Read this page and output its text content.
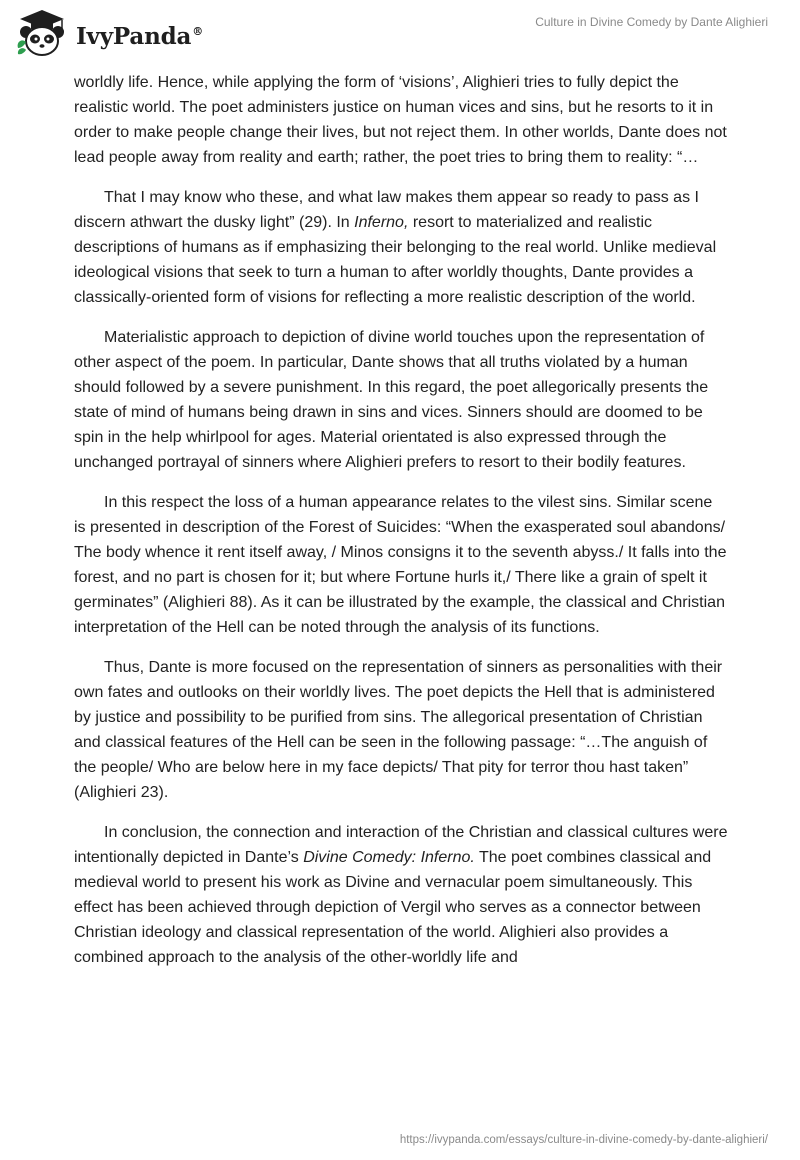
IvyPanda®
Culture in Divine Comedy by Dante Alighieri

worldly life. Hence, while applying the form of ‘visions’, Alighieri tries to fully depict the realistic world. The poet administers justice on human vices and sins, but he resorts to it in order to make people change their lives, but not reject them. In other worlds, Dante does not lead people away from reality and earth; rather, the poet tries to bring them to reality: “…

That I may know who these, and what law makes them appear so ready to pass as I discern athwart the dusky light” (29). In Inferno, resort to materialized and realistic descriptions of humans as if emphasizing their belonging to the real world. Unlike medieval ideological visions that seek to turn a human to after worldly thoughts, Dante provides a classically-oriented form of visions for reflecting a more realistic description of the world.

Materialistic approach to depiction of divine world touches upon the representation of other aspect of the poem. In particular, Dante shows that all truths violated by a human should followed by a severe punishment. In this regard, the poet allegorically presents the state of mind of humans being drawn in sins and vices. Sinners should are doomed to be spin in the help whirlpool for ages. Material orientated is also expressed through the unchanged portrayal of sinners where Alighieri prefers to resort to their bodily features.

In this respect the loss of a human appearance relates to the vilest sins. Similar scene is presented in description of the Forest of Suicides: “When the exasperated soul abandons/ The body whence it rent itself away, / Minos consigns it to the seventh abyss./ It falls into the forest, and no part is chosen for it; but where Fortune hurls it,/ There like a grain of spelt it germinates” (Alighieri 88). As it can be illustrated by the example, the classical and Christian interpretation of the Hell can be noted through the analysis of its functions.

Thus, Dante is more focused on the representation of sinners as personalities with their own fates and outlooks on their worldly lives. The poet depicts the Hell that is administered by justice and possibility to be purified from sins. The allegorical presentation of Christian and classical features of the Hell can be seen in the following passage: “…The anguish of the people/ Who are below here in my face depicts/ That pity for terror thou hast taken” (Alighieri 23).

In conclusion, the connection and interaction of the Christian and classical cultures were intentionally depicted in Dante’s Divine Comedy: Inferno. The poet combines classical and medieval world to present his work as Divine and vernacular poem simultaneously. This effect has been achieved through depiction of Vergil who serves as a connector between Christian ideology and classical representation of the world. Alighieri also provides a combined approach to the analysis of the other-worldly life and

https://ivypanda.com/essays/culture-in-divine-comedy-by-dante-alighieri/
